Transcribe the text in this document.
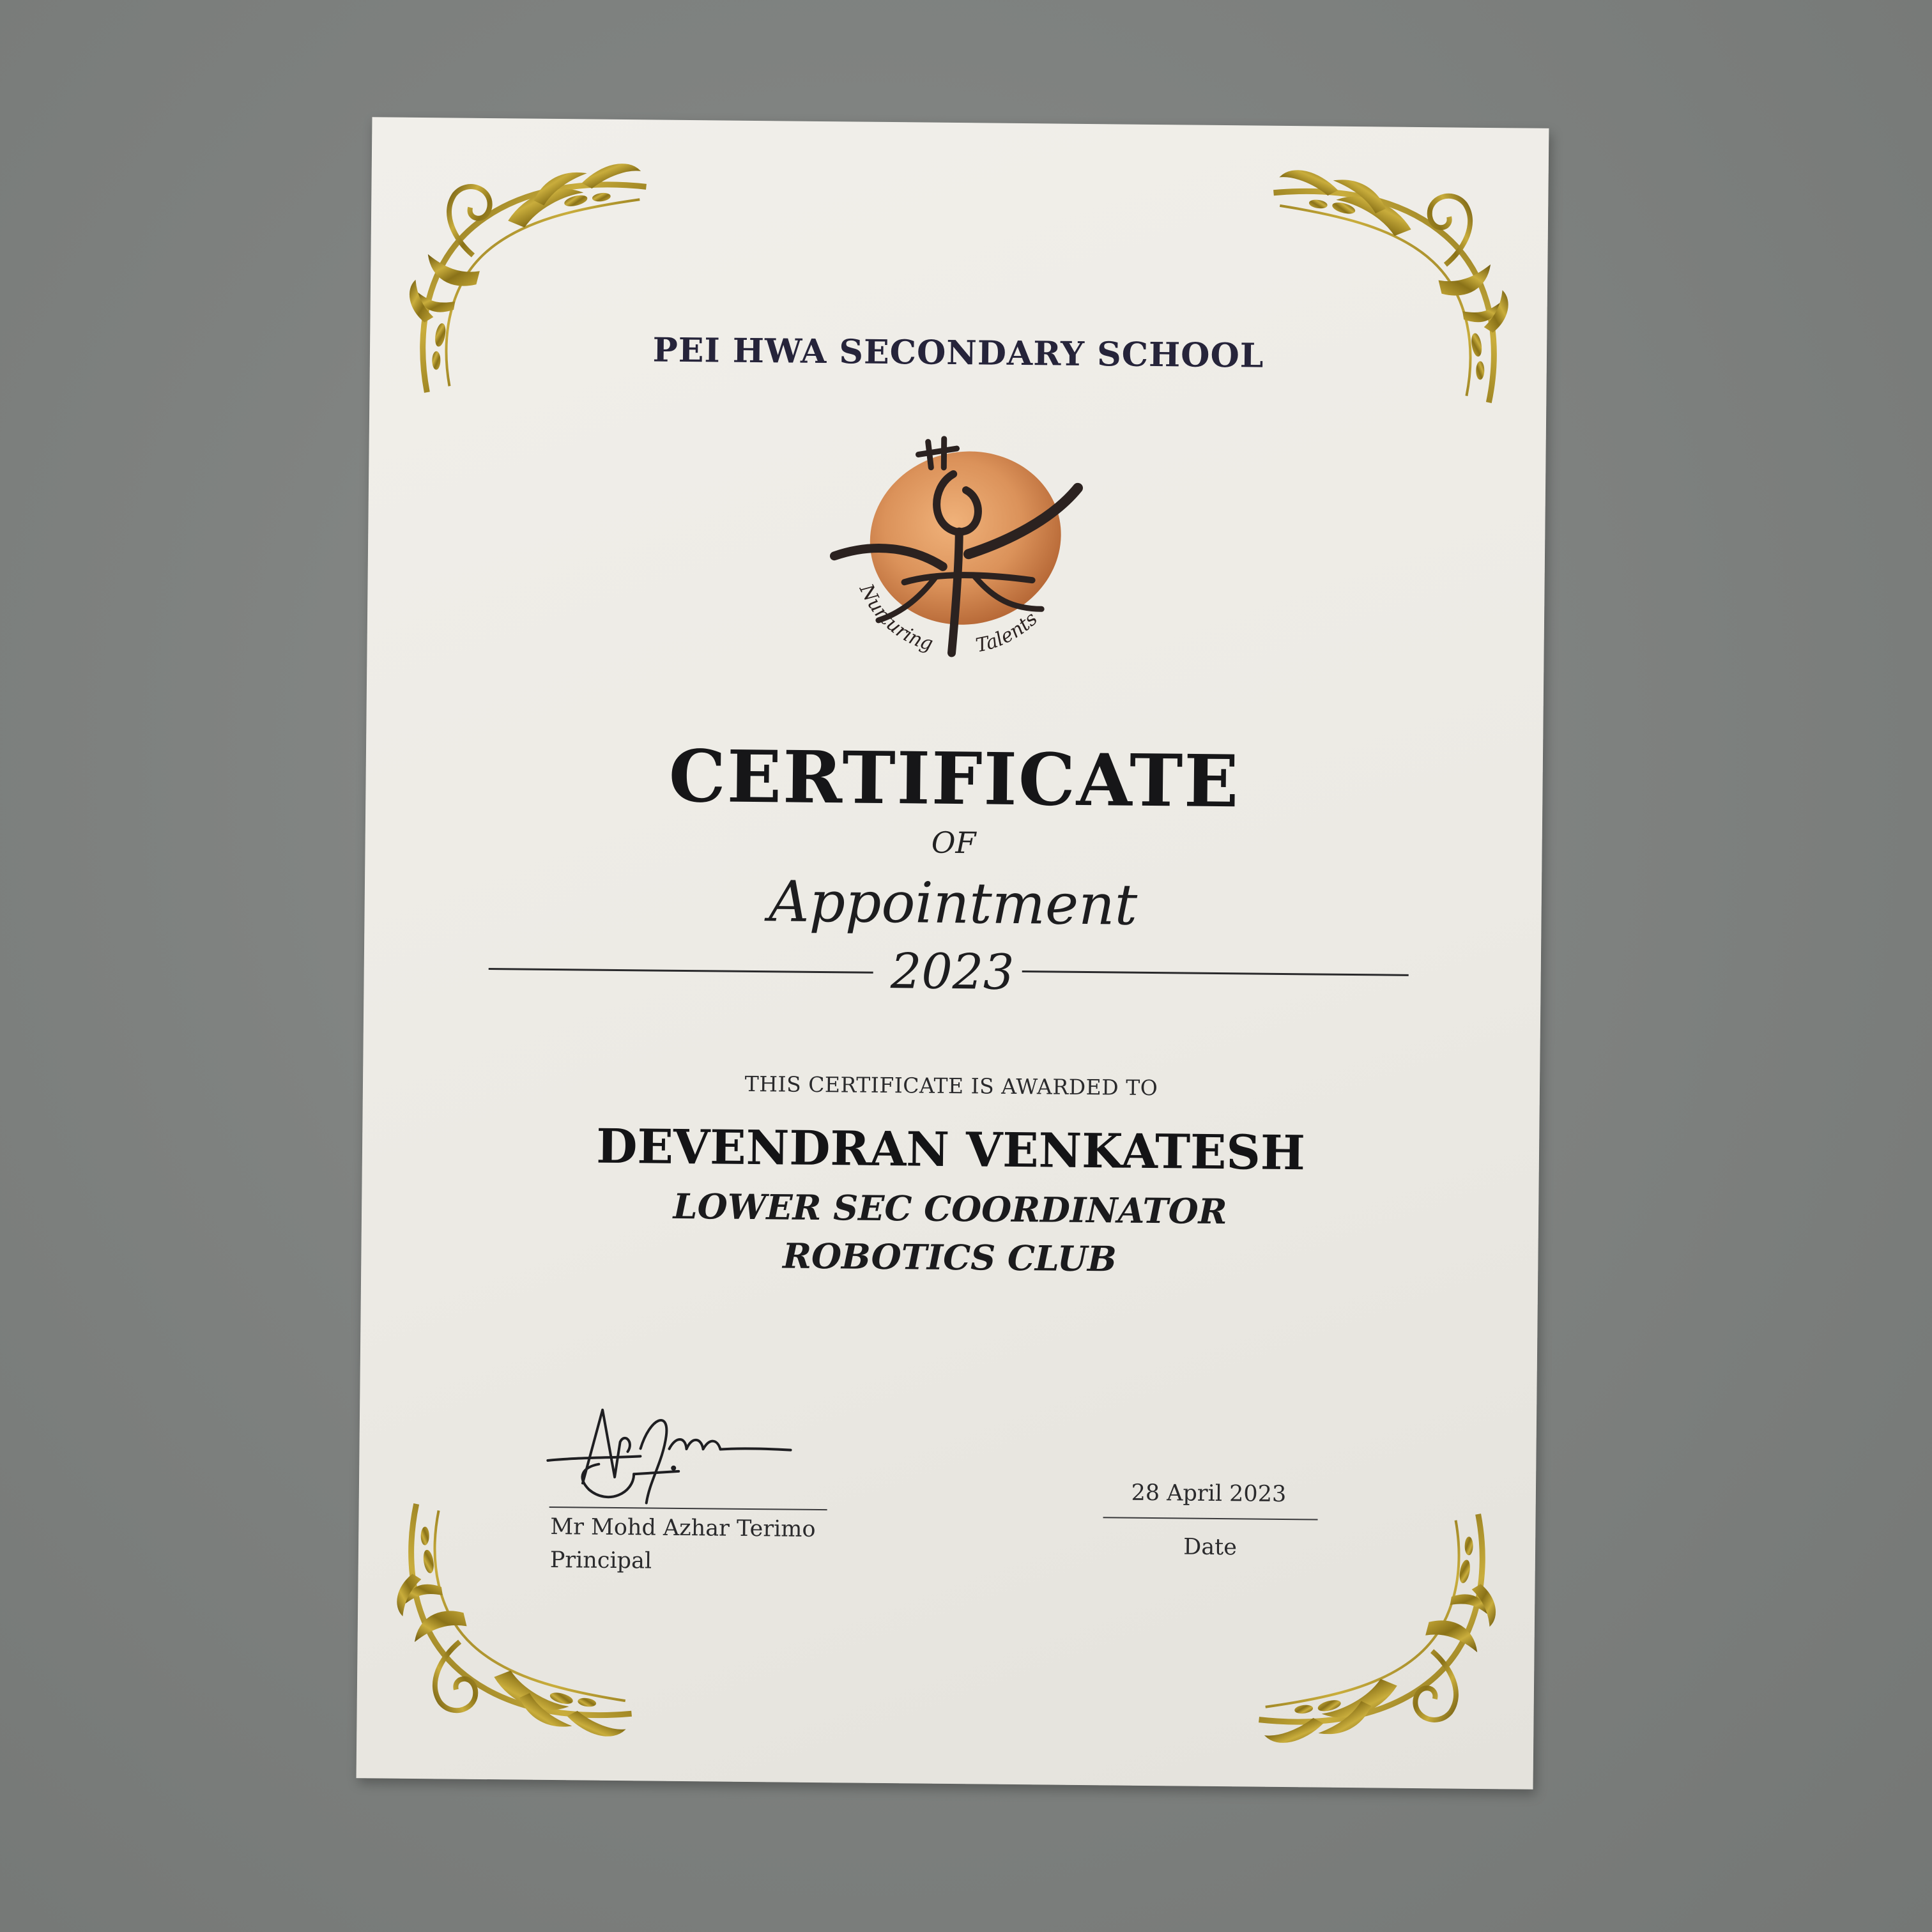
PEI HWA SECONDARY SCHOOL

Nurturing Talents

CERTIFICATE

OF

Appointment

2023

THIS CERTIFICATE IS AWARDED TO

DEVENDRAN VENKATESH

LOWER SEC COORDINATOR

ROBOTICS CLUB

Mr Mohd Azhar Terimo

Principal

28 April 2023

Date
